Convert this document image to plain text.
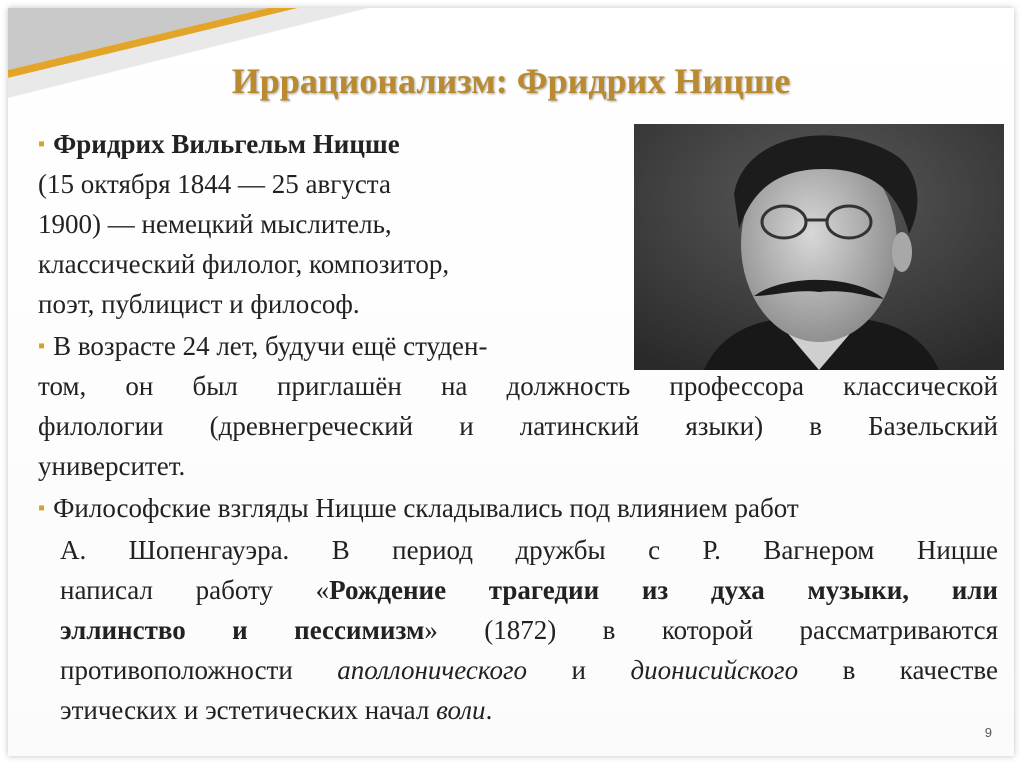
Иррационализм: Фридрих Ницше
▪ Фридрих Вильгельм Ницше
(15 октября 1844 — 25 августа
1900) — немецкий мыслитель,
классический филолог, композитор,
поэт, публицист и философ.
▪ В возрасте 24 лет, будучи ещё студен-
том, он был приглашён на должность профессора классической
филологии (древнегреческий и латинский языки) в Базельский
университет.
▪ Философские взгляды Ницше складывались под влиянием работ
А. Шопенгауэра. В период дружбы с Р. Вагнером Ницше
написал работу «Рождение трагедии из духа музыки, или
эллинство и пессимизм» (1872) в которой рассматриваются
противоположности аполлонического и дионисийского в качестве
этических и эстетических начал воли.
9
